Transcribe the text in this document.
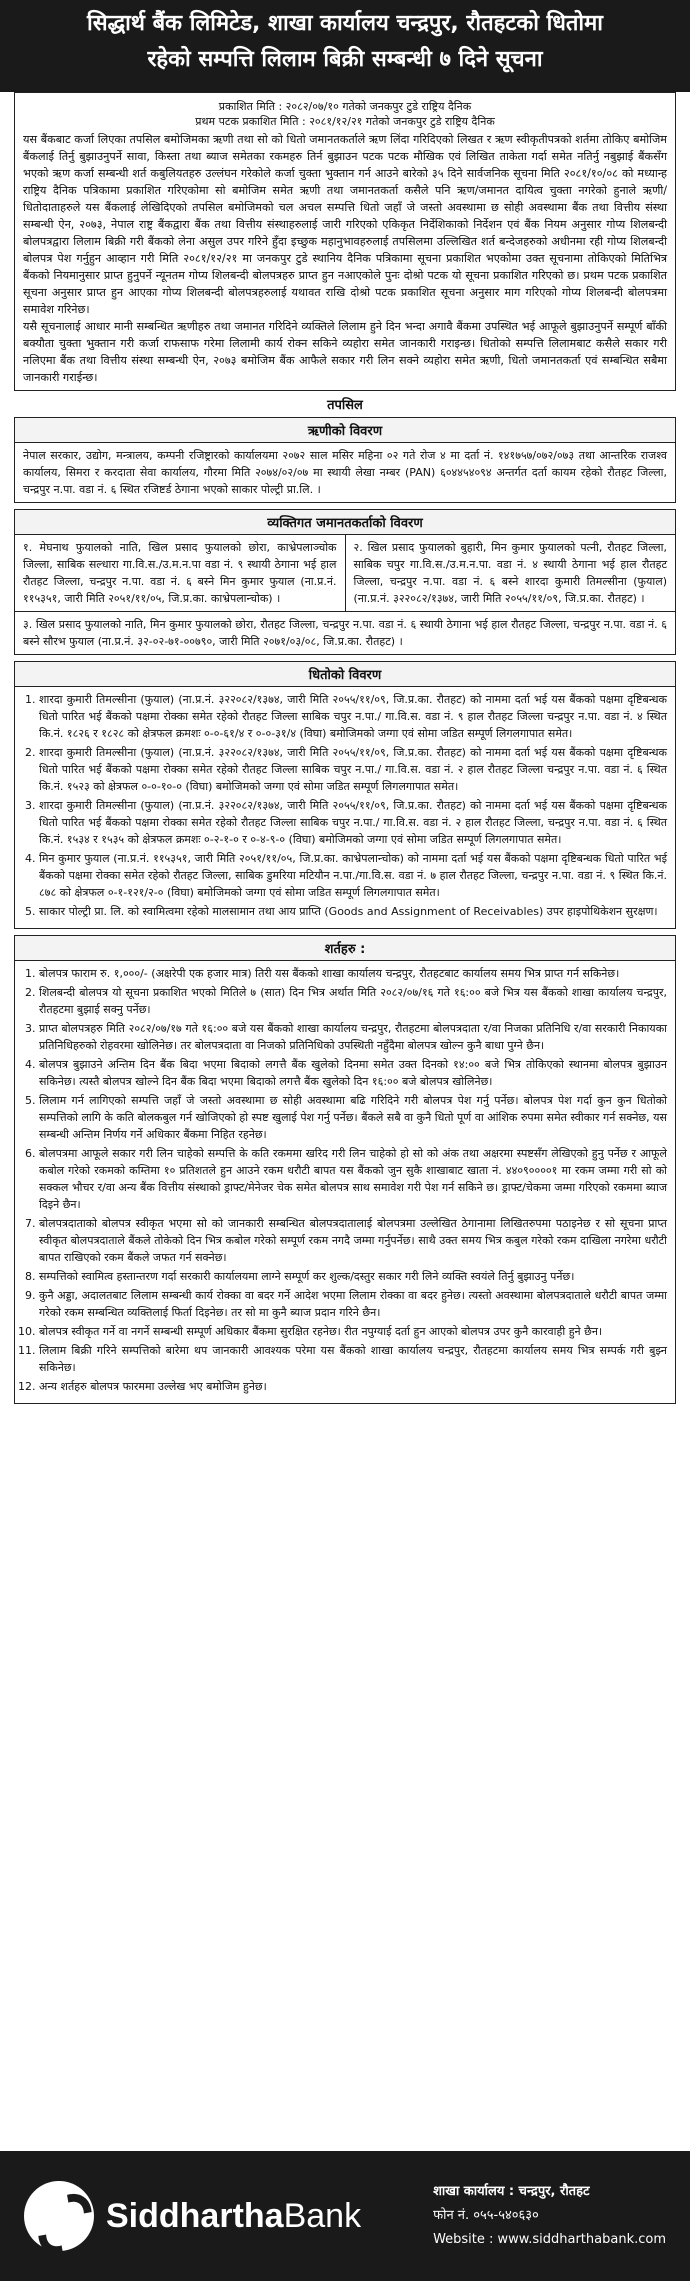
सिद्धार्थ बैंक लिमिटेड, शाखा कार्यालय चन्द्रपुर, रौतहटको धितोमा
रहेको सम्पत्ति लिलाम बिक्री सम्बन्धी ७ दिने सूचना
प्रकाशित मिति : २०८२/०७/१० गतेको जनकपुर टुडे राष्ट्रिय दैनिक
प्रथम पटक प्रकाशित मिति : २०८१/१२/२१ गतेको जनकपुर टुडे राष्ट्रिय दैनिक

यस बैंकबाट कर्जा लिएका तपसिल बमोजिमका ऋणी तथा सो को धितो जमानतकर्ताले ऋण लिंदा गरिदिएको लिखत र ऋण स्वीकृतीपत्रको शर्तमा तोकिए बमोजिम बैंकलाई तिर्नु बुझाउनुपर्ने सावा, किस्ता तथा ब्याज समेतका रकमहरु तिर्न बुझाउन पटक पटक मौखिक एवं लिखित ताकेता गर्दा समेत नतिर्नु नबुझाई बैंकसँग भएको ऋण कर्जा सम्बन्धी शर्त कबुलियतहरु उल्लंघन गरेकोले कर्जा चुक्ता भुक्तान गर्न आउने बारेको ३५ दिने सार्वजनिक सूचना मिति २०८१/१०/०८ को मध्यान्ह राष्ट्रिय दैनिक पत्रिकामा प्रकाशित गरिएकोमा सो बमोजिम समेत ऋणी तथा जमानतकर्ता कसैले पनि ऋण/जमानत दायित्व चुक्ता नगरेको हुनाले ऋणी/धितोदाताहरुले यस बैंकलाई लेखिदिएको तपसिल बमोजिमको चल अचल सम्पत्ति धितो जहाँ जे जस्तो अवस्थामा छ सोही अवस्थामा बैंक तथा वित्तीय संस्था सम्बन्धी ऐन, २०७३, नेपाल राष्ट्र बैंकद्वारा बैंक तथा वित्तीय संस्थाहरुलाई जारी गरिएको एकिकृत निर्देशिकाको निर्देशन एवं बैंक नियम अनुसार गोप्य शिलबन्दी बोलपत्रद्वारा लिलाम बिक्री गरी बैंकको लेना असुल उपर गरिने हुँदा इच्छुक महानुभावहरुलाई तपसिलमा उल्लिखित शर्त बन्देजहरुको अधीनमा रही गोप्य शिलबन्दी बोलपत्र पेश गर्नुहुन आव्हान गरी मिति २०८१/१२/२१ मा जनकपुर टुडे स्थानिय दैनिक पत्रिकामा सूचना प्रकाशित भएकोमा उक्त सूचनामा तोकिएको मितिभित्र बैंकको नियमानुसार प्राप्त हुनुपर्ने न्यूनतम गोप्य शिलबन्दी बोलपत्रहरु प्राप्त हुन नआएकोले पुनः दोश्रो पटक यो सूचना प्रकाशित गरिएको छ। प्रथम पटक प्रकाशित सूचना अनुसार प्राप्त हुन आएका गोप्य शिलबन्दी बोलपत्रहरुलाई यथावत राखि दोश्रो पटक प्रकाशित सूचना अनुसार माग गरिएको गोप्य शिलबन्दी बोलपत्रमा समावेश गरिनेछ।

यसै सूचनालाई आधार मानी सम्बन्धित ऋणीहरु तथा जमानत गरिदिने व्यक्तिले लिलाम हुने दिन भन्दा अगावै बैंकमा उपस्थित भई आफूले बुझाउनुपर्ने सम्पूर्ण बाँकी बक्यौता चुक्ता भुक्तान गरी कर्जा राफसाफ गरेमा लिलामी कार्य रोक्न सकिने व्यहोरा समेत जानकारी गराइन्छ। धितोको सम्पत्ति लिलामबाट कसैले सकार गरी नलिएमा बैंक तथा वित्तीय संस्था सम्बन्धी ऐन, २०७३ बमोजिम बैंक आफैले सकार गरी लिन सक्ने व्यहोरा समेत ऋणी, धितो जमानतकर्ता एवं सम्बन्धित सबैमा जानकारी गराईन्छ।

तपसिल
ऋणीको विवरण
नेपाल सरकार, उद्योग, मन्त्रालय, कम्पनी रजिष्ट्रारको कार्यालयमा २०७२ साल मसिर महिना ०२ गते रोज ४ मा दर्ता नं. १४१७५७/०७२/०७३ तथा आन्तरिक राजश्व कार्यालय, सिमरा र करदाता सेवा कार्यालय, गौरमा मिति २०७४/०२/०७ मा स्थायी लेखा नम्बर (PAN) ६०४४५४०९४ अन्तर्गत दर्ता कायम रहेको रौतहट जिल्ला, चन्द्रपुर न.पा. वडा नं. ६ स्थित रजिष्टर्ड ठेगाना भएको साकार पोल्ट्री प्रा.लि. ।
व्यक्तिगत जमानतकर्ताको विवरण
१. मेघनाथ फुयालको नाति, खिल प्रसाद फुयालको छोरा, काभ्रेपलाञ्चोक जिल्ला, साबिक सल्धारा गा.वि.स./उ.म.न.पा वडा नं. ९ स्थायी ठेगाना भई हाल रौतहट जिल्ला, चन्द्रपुर न.पा. वडा नं. ६ बस्ने मिन कुमार फुयाल (ना.प्र.नं. ११५३५१, जारी मिति २०५१/११/०५, जि.प्र.का. काभ्रेपलान्चोक) ।
२. खिल प्रसाद फुयालको बुहारी, मिन कुमार फुयालको पत्नी, रौतहट जिल्ला, साबिक चपुर गा.वि.स./उ.म.न.पा. वडा नं. ४ स्थायी ठेगाना भई हाल रौतहट जिल्ला, चन्द्रपुर न.पा. वडा नं. ६ बस्ने शारदा कुमारी तिमल्सीना (फुयाल) (ना.प्र.नं. ३२२०८२/१३७४, जारी मिति २०५५/११/०९, जि.प्र.का. रौतहट) ।
३. खिल प्रसाद फुयालको नाति, मिन कुमार फुयालको छोरा, रौतहट जिल्ला, चन्द्रपुर न.पा. वडा नं. ६ स्थायी ठेगाना भई हाल रौतहट जिल्ला, चन्द्रपुर न.पा. वडा नं. ६ बस्ने सौरभ फुयाल (ना.प्र.नं. ३२-०२-७१-००७९०, जारी मिति २०७१/०३/०८, जि.प्र.का. रौतहट) ।
धितोको विवरण
1. शारदा कुमारी तिमल्सीना (फुयाल) (ना.प्र.नं. ३२२०८२/१३७४, जारी मिति २०५५/११/०९, जि.प्र.का. रौतहट) को नाममा दर्ता भई यस बैंकको पक्षमा दृष्टिबन्धक धितो पारित भई बैंकको पक्षमा रोक्का समेत रहेको रौतहट जिल्ला साबिक चपुर न.पा./ गा.वि.स. वडा नं. ९ हाल रौतहट जिल्ला चन्द्रपुर न.पा. वडा नं. ४ स्थित कि.नं. १८२६ र १८२८ को क्षेत्रफल क्रमशः ०-०-६१/४ र ०-०-३१/४ (विघा) बमोजिमको जग्गा एवं सोमा जडित सम्पूर्ण लिगलगापात समेत।
2. शारदा कुमारी तिमल्सीना (फुयाल) (ना.प्र.नं. ३२२०८२/१३७४, जारी मिति २०५५/११/०९, जि.प्र.का. रौतहट) को नाममा दर्ता भई यस बैंकको पक्षमा दृष्टिबन्धक धितो पारित भई बैंकको पक्षमा रोक्का समेत रहेको रौतहट जिल्ला साबिक चपुर न.पा./ गा.वि.स. वडा नं. २ हाल रौतहट जिल्ला चन्द्रपुर न.पा. वडा नं. ६ स्थित कि.नं. १५२३ को क्षेत्रफल ०-०-१०-० (विघा) बमोजिमको जग्गा एवं सोमा जडित सम्पूर्ण लिगलगापात समेत।
3. शारदा कुमारी तिमल्सीना (फुयाल) (ना.प्र.नं. ३२२०८२/१३७४, जारी मिति २०५५/११/०९, जि.प्र.का. रौतहट) को नाममा दर्ता भई यस बैंकको पक्षमा दृष्टिबन्धक धितो पारित भई बैंकको पक्षमा रोक्का समेत रहेको रौतहट जिल्ला साबिक चपुर न.पा./ गा.वि.स. वडा नं. २ हाल रौतहट जिल्ला, चन्द्रपुर न.पा. वडा नं. ६ स्थित कि.नं. १५३४ र १५३५ को क्षेत्रफल क्रमशः ०-२-१-० र ०-४-९-० (विघा) बमोजिमको जग्गा एवं सोमा जडित सम्पूर्ण लिगलगापात समेत।
4. मिन कुमार फुयाल (ना.प्र.नं. ११५३५१, जारी मिति २०५१/११/०५, जि.प्र.का. काभ्रेपलान्चोक) को नाममा दर्ता भई यस बैंकको पक्षमा दृष्टिबन्धक धितो पारित भई बैंकको पक्षमा रोक्का समेत रहेको रौतहट जिल्ला, साबिक डुमरिया मटियौन न.पा./गा.वि.स. वडा नं. ७ हाल रौतहट जिल्ला, चन्द्रपुर न.पा. वडा नं. ९ स्थित कि.नं. ८७८ को क्षेत्रफल ०-१-१२१/२-० (विघा) बमोजिमको जग्गा एवं सोमा जडित सम्पूर्ण लिगलगापात समेत।
5. साकार पोल्ट्री प्रा. लि. को स्वामित्वमा रहेको मालसामान तथा आय प्राप्ति (Goods and Assignment of Receivables) उपर हाइपोथिकेशन सुरक्षण।
शर्तहरु :
1. बोलपत्र फाराम रु. १,०००/- (अक्षरेपी एक हजार मात्र) तिरी यस बैंकको शाखा कार्यालय चन्द्रपुर, रौतहटबाट कार्यालय समय भित्र प्राप्त गर्न सकिनेछ।
2. शिलबन्दी बोलपत्र यो सूचना प्रकाशित भएको मितिले ७ (सात) दिन भित्र अर्थात मिति २०८२/०७/१६ गते १६:०० बजे भित्र यस बैंकको शाखा कार्यालय चन्द्रपुर, रौतहटमा बुझाई सक्नु पर्नेछ।
3. प्राप्त बोलपत्रहरु मिति २०८२/०७/१७ गते १६:०० बजे यस बैंकको शाखा कार्यालय चन्द्रपुर, रौतहटमा बोलपत्रदाता र/वा निजका प्रतिनिधि र/वा सरकारी निकायका प्रतिनिधिहरुको रोहवरमा खोलिनेछ। तर बोलपत्रदाता वा निजको प्रतिनिधिको उपस्थिती नहुँदैमा बोलपत्र खोल्न कुनै बाधा पुग्ने छैन।
4. बोलपत्र बुझाउने अन्तिम दिन बैंक बिदा भएमा बिदाको लगत्तै बैंक खुलेको दिनमा समेत उक्त दिनको १४:०० बजे भित्र तोकिएको स्थानमा बोलपत्र बुझाउन सकिनेछ। त्यस्तै बोलपत्र खोल्ने दिन बैंक बिदा भएमा बिदाको लगत्तै बैंक खुलेको दिन १६:०० बजे बोलपत्र खोलिनेछ।
5. लिलाम गर्न लागिएको सम्पत्ति जहाँ जे जस्तो अवस्थामा छ सोही अवस्थामा बढि गरिदिने गरी बोलपत्र पेश गर्नु पर्नेछ। बोलपत्र पेश गर्दा कुन कुन धितोको सम्पत्तिको लागि के कति बोलकबुल गर्न खोजिएको हो स्पष्ट खुलाई पेश गर्नु पर्नेछ। बैंकले सबै वा कुनै धितो पूर्ण वा आंशिक रुपमा समेत स्वीकार गर्न सक्नेछ, यस सम्बन्धी अन्तिम निर्णय गर्ने अधिकार बैंकमा निहित रहनेछ।
6. बोलपत्रमा आफूले सकार गरी लिन चाहेको सम्पत्ति के कति रकममा खरिद गरी लिन चाहेको हो सो को अंक तथा अक्षरमा स्पष्टसँग लेखिएको हुनु पर्नेछ र आफूले कबोल गरेको रकमको कम्तिमा १० प्रतिशतले हुन आउने रकम धरौटी बापत यस बैंकको जुन सुकै शाखाबाट खाता नं. ४४०९००००१ मा रकम जम्मा गरी सो को सक्कल भौचर र/वा अन्य बैंक वित्तीय संस्थाको ड्राफ्ट/मेनेजर चेक समेत बोलपत्र साथ समावेश गरी पेश गर्न सकिने छ। ड्राफ्ट/चेकमा जम्मा गरिएको रकममा ब्याज दिइने छैन।
7. बोलपत्रदाताको बोलपत्र स्वीकृत भएमा सो को जानकारी सम्बन्धित बोलपत्रदातालाई बोलपत्रमा उल्लेखित ठेगानामा लिखितरुपमा पठाइनेछ र सो सूचना प्राप्त स्वीकृत बोलपत्रदाताले बैंकले तोकेको दिन भित्र कबोल गरेको सम्पूर्ण रकम नगदै जम्मा गर्नुपर्नेछ। साथै उक्त समय भित्र कबुल गरेको रकम दाखिला नगरेमा धरौटी बापत राखिएको रकम बैंकले जफत गर्न सक्नेछ।
8. सम्पत्तिको स्वामित्व हस्तान्तरण गर्दा सरकारी कार्यालयमा लाग्ने सम्पूर्ण कर शुल्क/दस्तुर सकार गरी लिने व्यक्ति स्वयंले तिर्नु बुझाउनु पर्नेछ।
9. कुनै अड्डा, अदालतबाट लिलाम सम्बन्धी कार्य रोक्का वा बदर गर्ने आदेश भएमा लिलाम रोक्का वा बदर हुनेछ। त्यस्तो अवस्थामा बोलपत्रदाताले धरौटी बापत जम्मा गरेको रकम सम्बन्धित व्यक्तिलाई फिर्ता दिइनेछ। तर सो मा कुनै ब्याज प्रदान गरिने छैन।
10. बोलपत्र स्वीकृत गर्ने वा नगर्ने सम्बन्धी सम्पूर्ण अधिकार बैंकमा सुरक्षित रहनेछ। रीत नपुग्याई दर्ता हुन आएको बोलपत्र उपर कुनै कारवाही हुने छैन।
11. लिलाम बिक्री गरिने सम्पत्तिको बारेमा थप जानकारी आवश्यक परेमा यस बैंकको शाखा कार्यालय चन्द्रपुर, रौतहटमा कार्यालय समय भित्र सम्पर्क गरी बुझ्न सकिनेछ।
12. अन्य शर्तहरु बोलपत्र फारममा उल्लेख भए बमोजिम हुनेछ।
SiddharthaBank
शाखा कार्यालय : चन्द्रपुर, रौतहट
फोन नं. ०५५-५४०६३०
Website : www.siddharthabank.com
